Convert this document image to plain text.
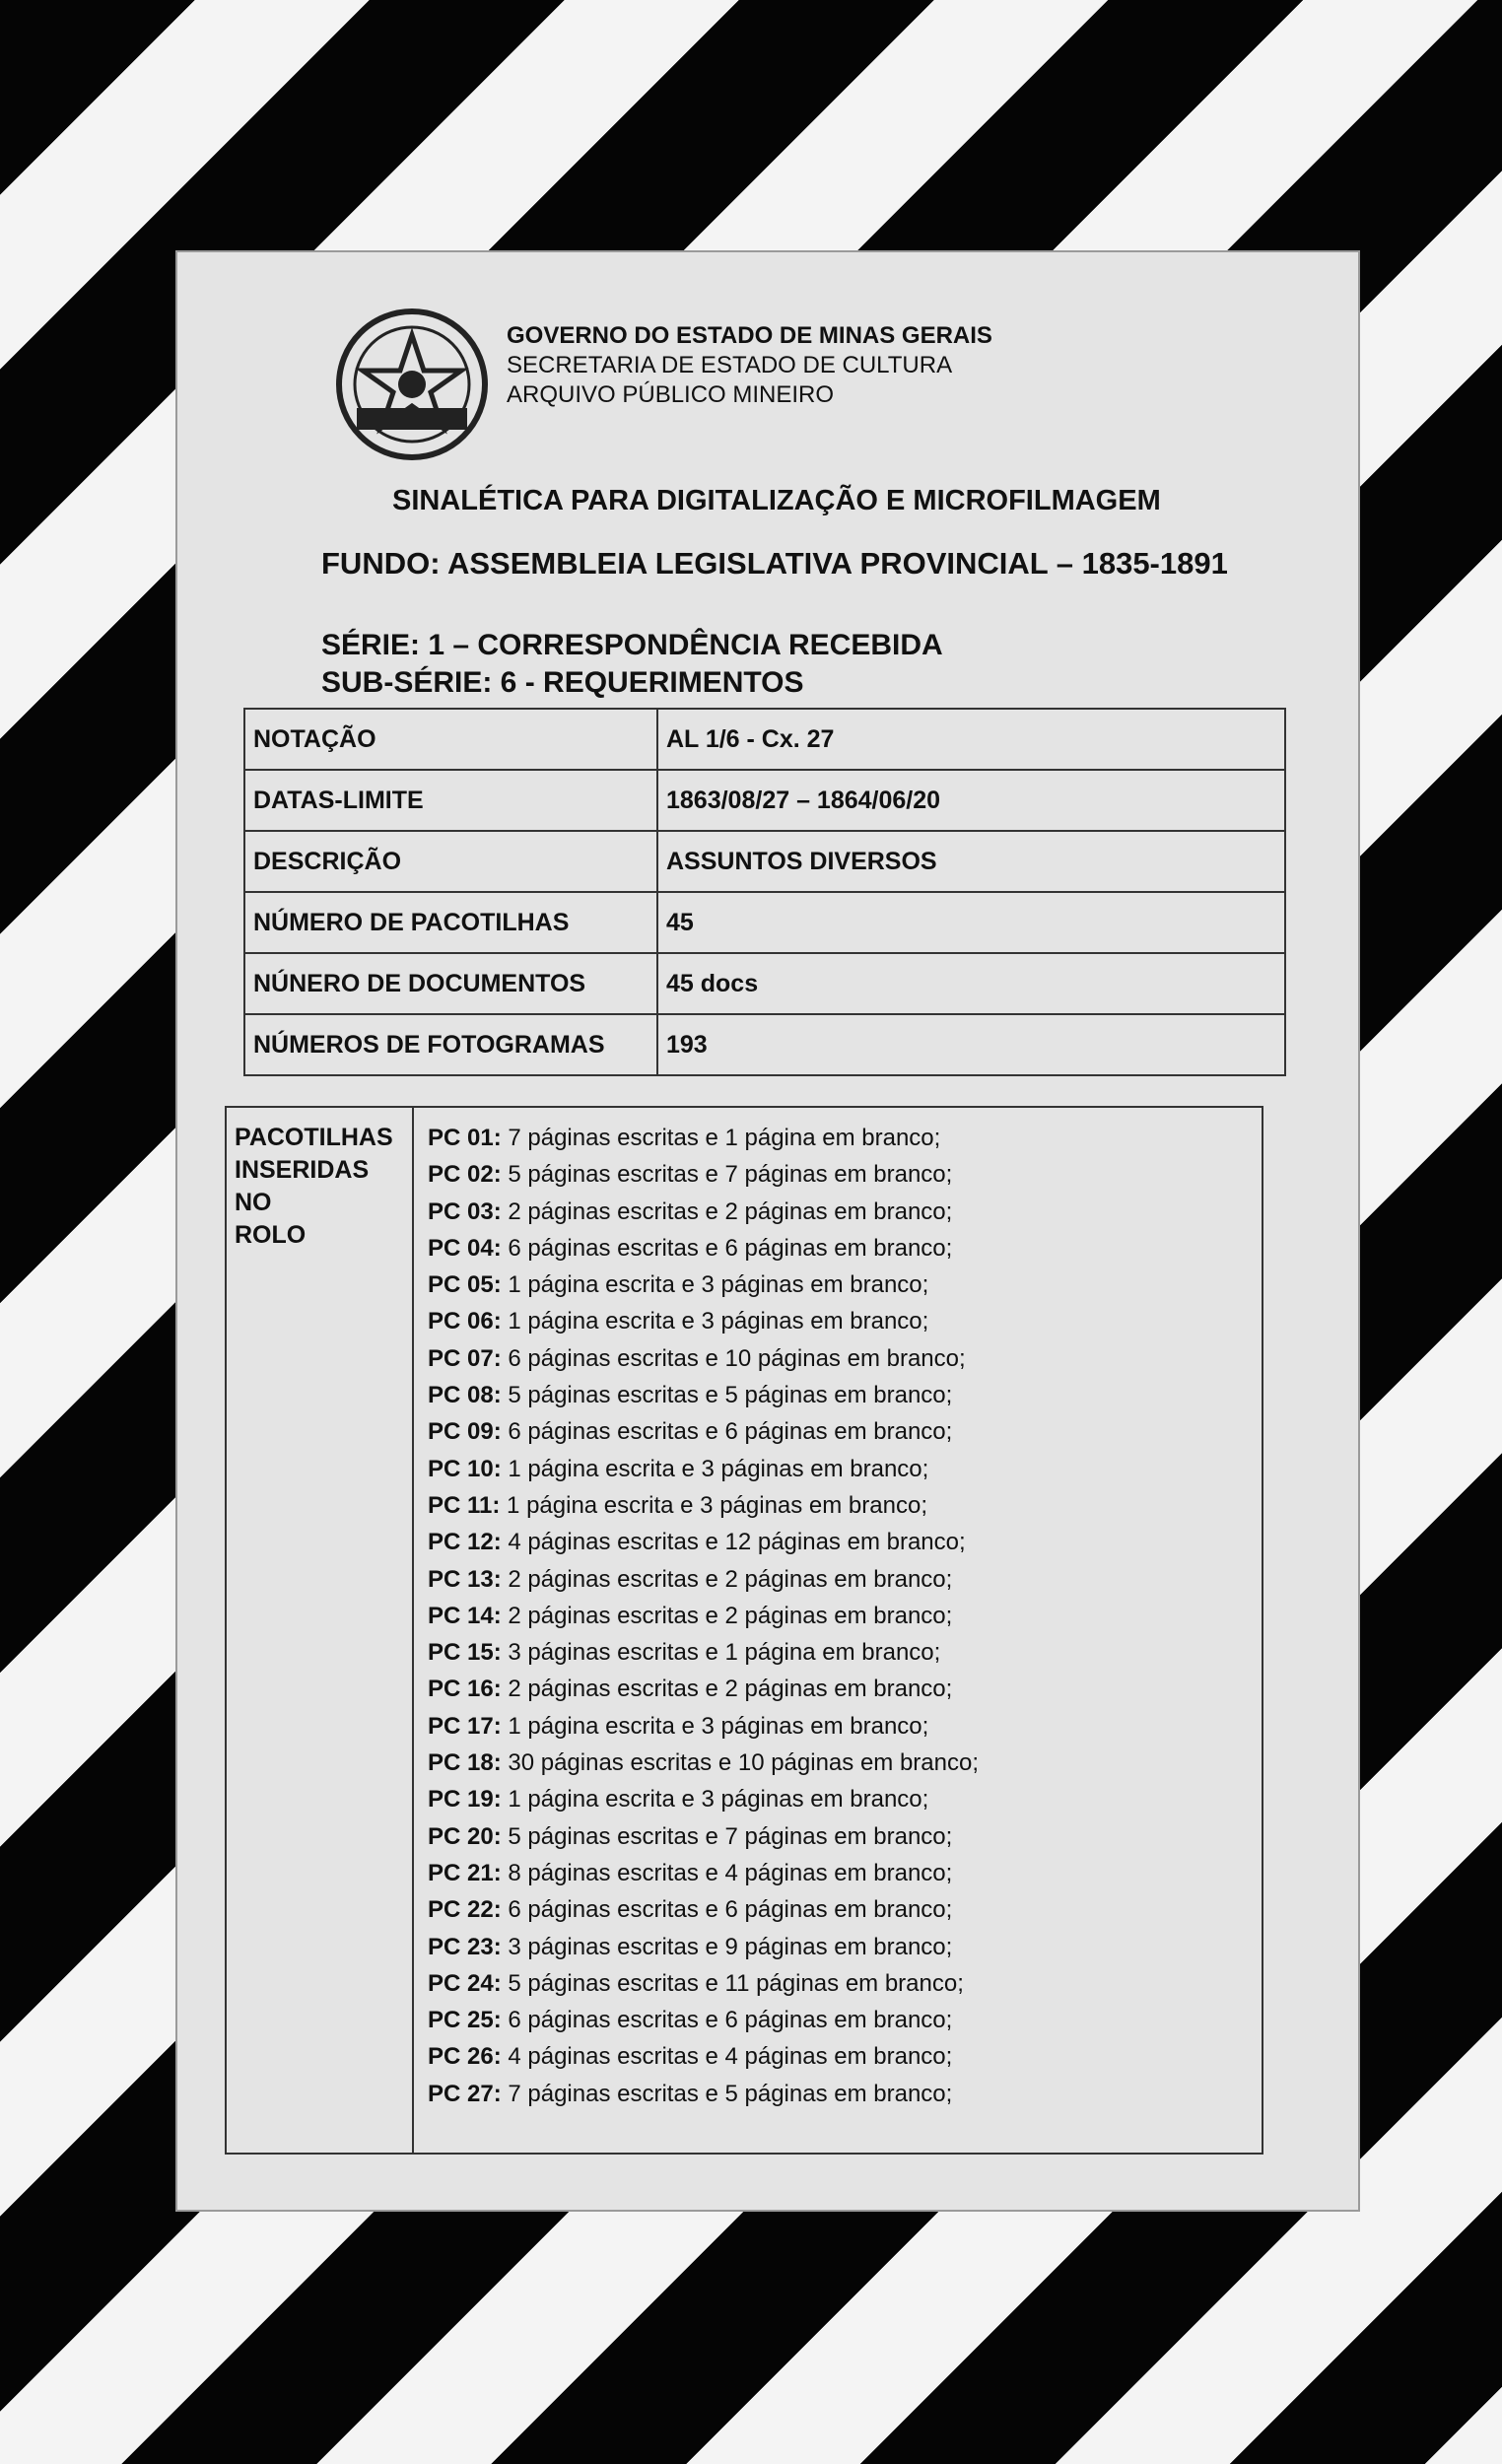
GOVERNO DO ESTADO DE MINAS GERAIS
SECRETARIA DE ESTADO DE CULTURA
ARQUIVO PÚBLICO MINEIRO
SINALÉTICA PARA DIGITALIZAÇÃO E MICROFILMAGEM
FUNDO: ASSEMBLEIA LEGISLATIVA PROVINCIAL – 1835-1891
SÉRIE: 1 – CORRESPONDÊNCIA RECEBIDA
SUB-SÉRIE: 6 - REQUERIMENTOS
NOTAÇÃO	AL 1/6 - Cx. 27
DATAS-LIMITE	1863/08/27 – 1864/06/20
DESCRIÇÃO	ASSUNTOS DIVERSOS
NÚMERO DE PACOTILHAS	45
NÚNERO DE DOCUMENTOS	45 docs
NÚMEROS DE FOTOGRAMAS	193
PACOTILHAS
INSERIDAS NO
ROLO
PC 01: 7 páginas escritas e 1 página em branco;
PC 02: 5 páginas escritas e 7 páginas em branco;
PC 03: 2 páginas escritas e 2 páginas em branco;
PC 04: 6 páginas escritas e 6 páginas em branco;
PC 05: 1 página escrita e 3 páginas em branco;
PC 06: 1 página escrita e 3 páginas em branco;
PC 07: 6 páginas escritas e 10 páginas em branco;
PC 08: 5 páginas escritas e 5 páginas em branco;
PC 09: 6 páginas escritas e 6 páginas em branco;
PC 10: 1 página escrita e 3 páginas em branco;
PC 11: 1 página escrita e 3 páginas em branco;
PC 12: 4 páginas escritas e 12 páginas em branco;
PC 13: 2 páginas escritas e 2 páginas em branco;
PC 14: 2 páginas escritas e 2 páginas em branco;
PC 15: 3 páginas escritas e 1 página em branco;
PC 16: 2 páginas escritas e 2 páginas em branco;
PC 17: 1 página escrita e 3 páginas em branco;
PC 18: 30 páginas escritas e 10 páginas em branco;
PC 19: 1 página escrita e 3 páginas em branco;
PC 20: 5 páginas escritas e 7 páginas em branco;
PC 21: 8 páginas escritas e 4 páginas em branco;
PC 22: 6 páginas escritas e 6 páginas em branco;
PC 23: 3 páginas escritas e 9 páginas em branco;
PC 24: 5 páginas escritas e 11 páginas em branco;
PC 25: 6 páginas escritas e 6 páginas em branco;
PC 26: 4 páginas escritas e 4 páginas em branco;
PC 27: 7 páginas escritas e 5 páginas em branco;
